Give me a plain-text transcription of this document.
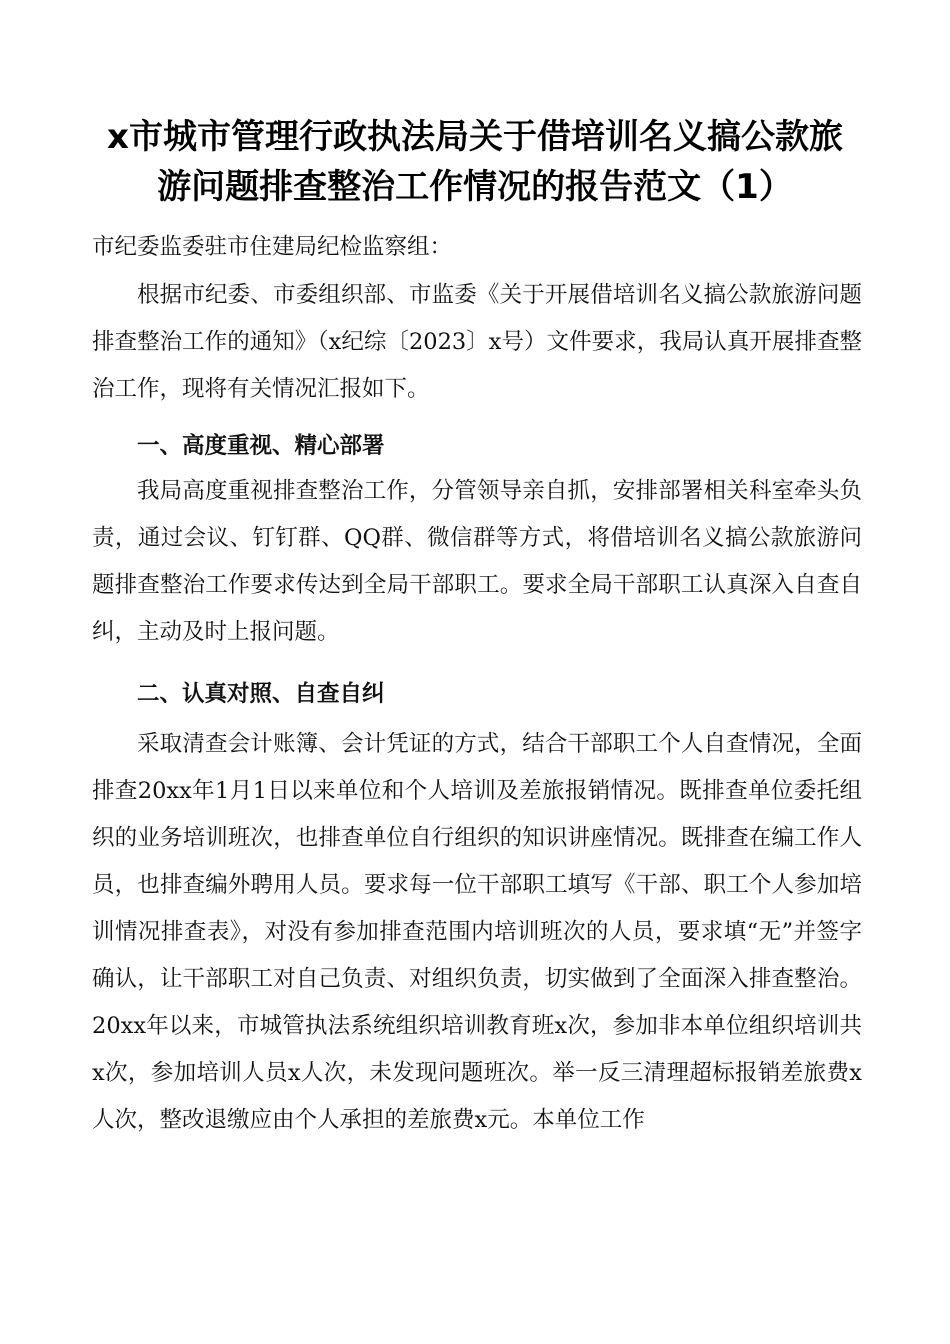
x市城市管理行政执法局关于借培训名义搞公款旅
游问题排查整治工作情况的报告范文（1）
市纪委监委驻市住建局纪检监察组：
根据市纪委、市委组织部、市监委《关于开展借培训名义搞公款旅游问题排查整治工作的通知》（x纪综〔2023〕x号）文件要求，我局认真开展排查整治工作，现将有关情况汇报如下。
一、高度重视、精心部署
我局高度重视排查整治工作，分管领导亲自抓，安排部署相关科室牵头负责，通过会议、钉钉群、QQ群、微信群等方式，将借培训名义搞公款旅游问题排查整治工作要求传达到全局干部职工。要求全局干部职工认真深入自查自纠，主动及时上报问题。
二、认真对照、自查自纠
采取清查会计账簿、会计凭证的方式，结合干部职工个人自查情况，全面排查20xx年1月1日以来单位和个人培训及差旅报销情况。既排查单位委托组织的业务培训班次，也排查单位自行组织的知识讲座情况。既排查在编工作人员，也排查编外聘用人员。要求每一位干部职工填写《干部、职工个人参加培训情况排查表》，对没有参加排查范围内培训班次的人员，要求填“无”并签字确认，让干部职工对自己负责、对组织负责，切实做到了全面深入排查整治。20xx年以来，市城管执法系统组织培训教育班x次，参加非本单位组织培训共x次，参加培训人员x人次，未发现问题班次。举一反三清理超标报销差旅费x人次，整改退缴应由个人承担的差旅费x元。本单位工作
